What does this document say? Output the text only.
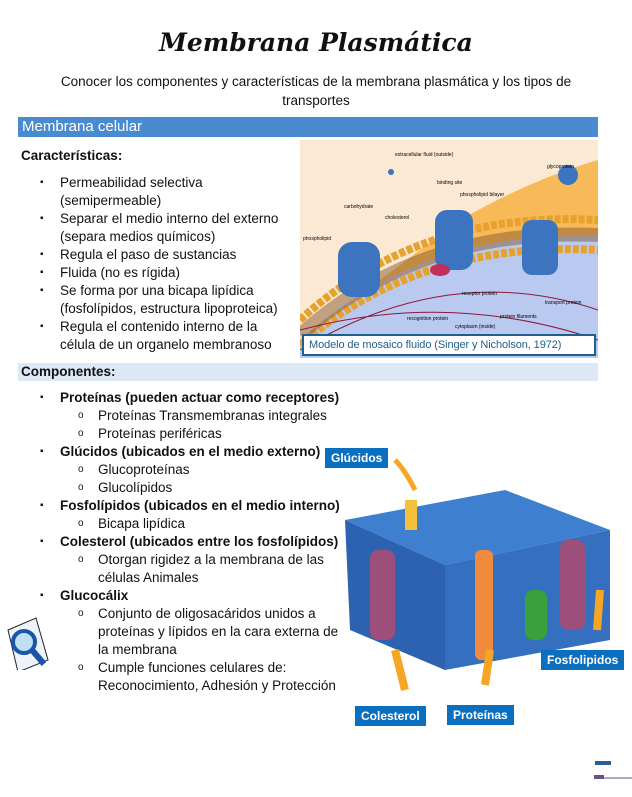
Membrana Plasmática
Conocer los componentes y características de la membrana plasmática y los tipos de transportes
Membrana celular
Características:
▪ Permeabilidad selectiva (semipermeable)
▪ Separar el medio interno del externo (separa medios químicos)
▪ Regula el paso de sustancias
▪ Fluida (no es rígida)
▪ Se forma por una bicapa lipídica (fosfolípidos, estructura lipoproteica)
▪ Regula el contenido interno de la célula de un organelo membranoso
extracellular fluid (outside)
glycoprotein
binding site
phospholipid bilayer
carbohydrate
cholesterol
phospholipid
receptor protein
transport protein
protein filaments
recognition protein
cytoplasm (inside)
Modelo de mosaico fluido (Singer y Nicholson, 1972)
Componentes:
▪ Proteínas (pueden actuar como receptores)
o Proteínas Transmembranas integrales
o Proteínas periféricas
▪ Glúcidos (ubicados en el medio externo)
o Glucoproteínas
o Glucolípidos
▪ Fosfolípidos (ubicados en el medio interno)
o Bicapa lipídica
▪ Colesterol (ubicados entre los fosfolípidos)
o Otorgan rigidez a la membrana de las células Animales
▪ Glucocálix
o Conjunto de oligosacáridos unidos a proteínas y lípidos en la cara externa de la membrana
o Cumple funciones celulares de: Reconocimiento, Adhesión y Protección
Glúcidos
Fosfolipidos
Colesterol	Proteínas
